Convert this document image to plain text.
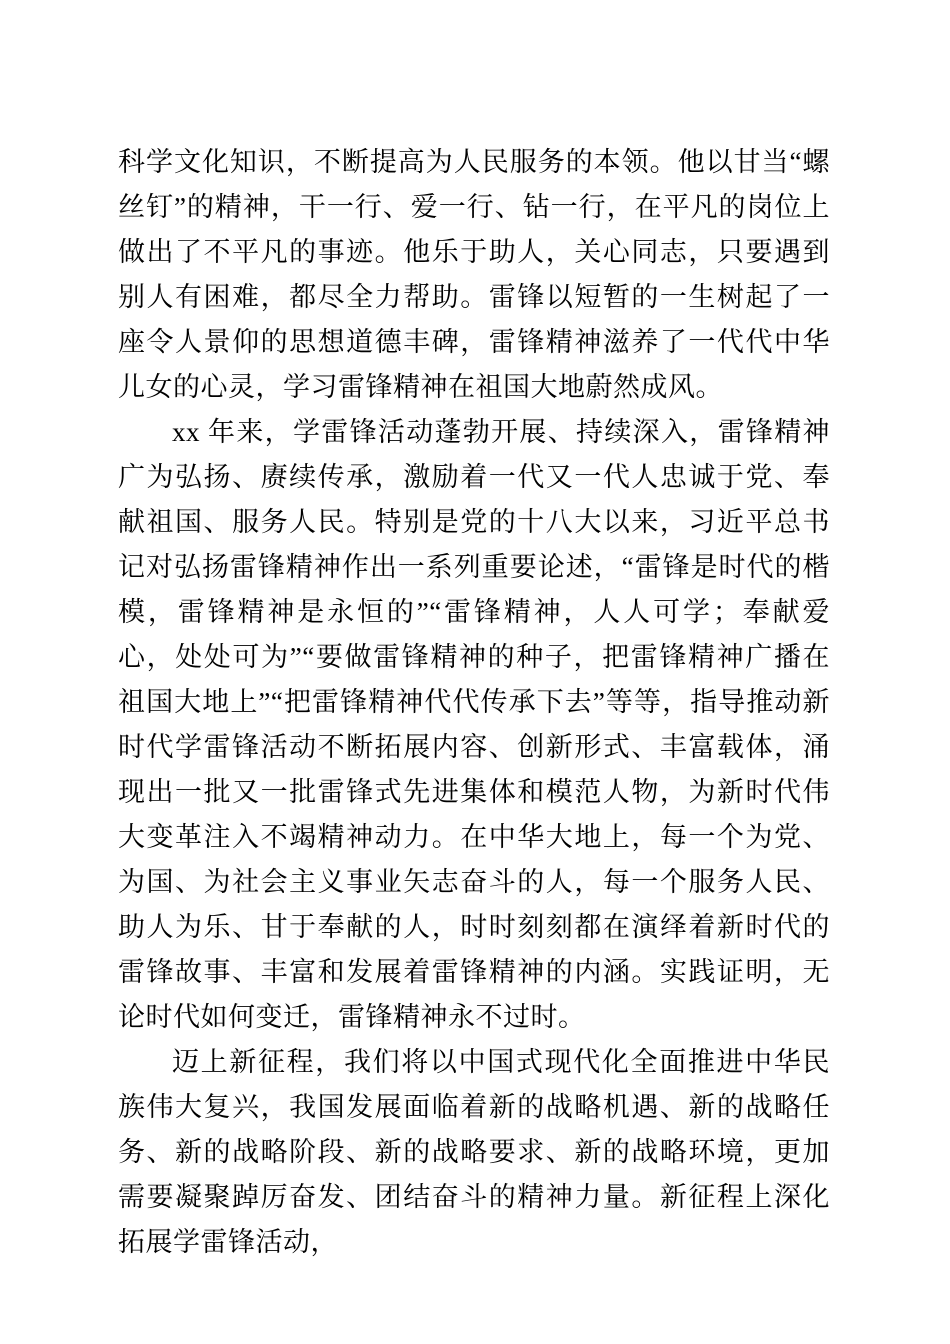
科学文化知识，不断提高为人民服务的本领。他以甘当“螺丝钉”的精神，干一行、爱一行、钻一行，在平凡的岗位上做出了不平凡的事迹。他乐于助人，关心同志，只要遇到别人有困难，都尽全力帮助。雷锋以短暂的一生树起了一座令人景仰的思想道德丰碑，雷锋精神滋养了一代代中华儿女的心灵，学习雷锋精神在祖国大地蔚然成风。

xx 年来，学雷锋活动蓬勃开展、持续深入，雷锋精神广为弘扬、赓续传承，激励着一代又一代人忠诚于党、奉献祖国、服务人民。特别是党的十八大以来，习近平总书记对弘扬雷锋精神作出一系列重要论述，“雷锋是时代的楷模，雷锋精神是永恒的”“雷锋精神，人人可学；奉献爱心，处处可为”“要做雷锋精神的种子，把雷锋精神广播在祖国大地上”“把雷锋精神代代传承下去”等等，指导推动新时代学雷锋活动不断拓展内容、创新形式、丰富载体，涌现出一批又一批雷锋式先进集体和模范人物，为新时代伟大变革注入不竭精神动力。在中华大地上，每一个为党、为国、为社会主义事业矢志奋斗的人，每一个服务人民、助人为乐、甘于奉献的人，时时刻刻都在演绎着新时代的雷锋故事、丰富和发展着雷锋精神的内涵。实践证明，无论时代如何变迁，雷锋精神永不过时。

迈上新征程，我们将以中国式现代化全面推进中华民族伟大复兴，我国发展面临着新的战略机遇、新的战略任务、新的战略阶段、新的战略要求、新的战略环境，更加需要凝聚踔厉奋发、团结奋斗的精神力量。新征程上深化拓展学雷锋活动，
